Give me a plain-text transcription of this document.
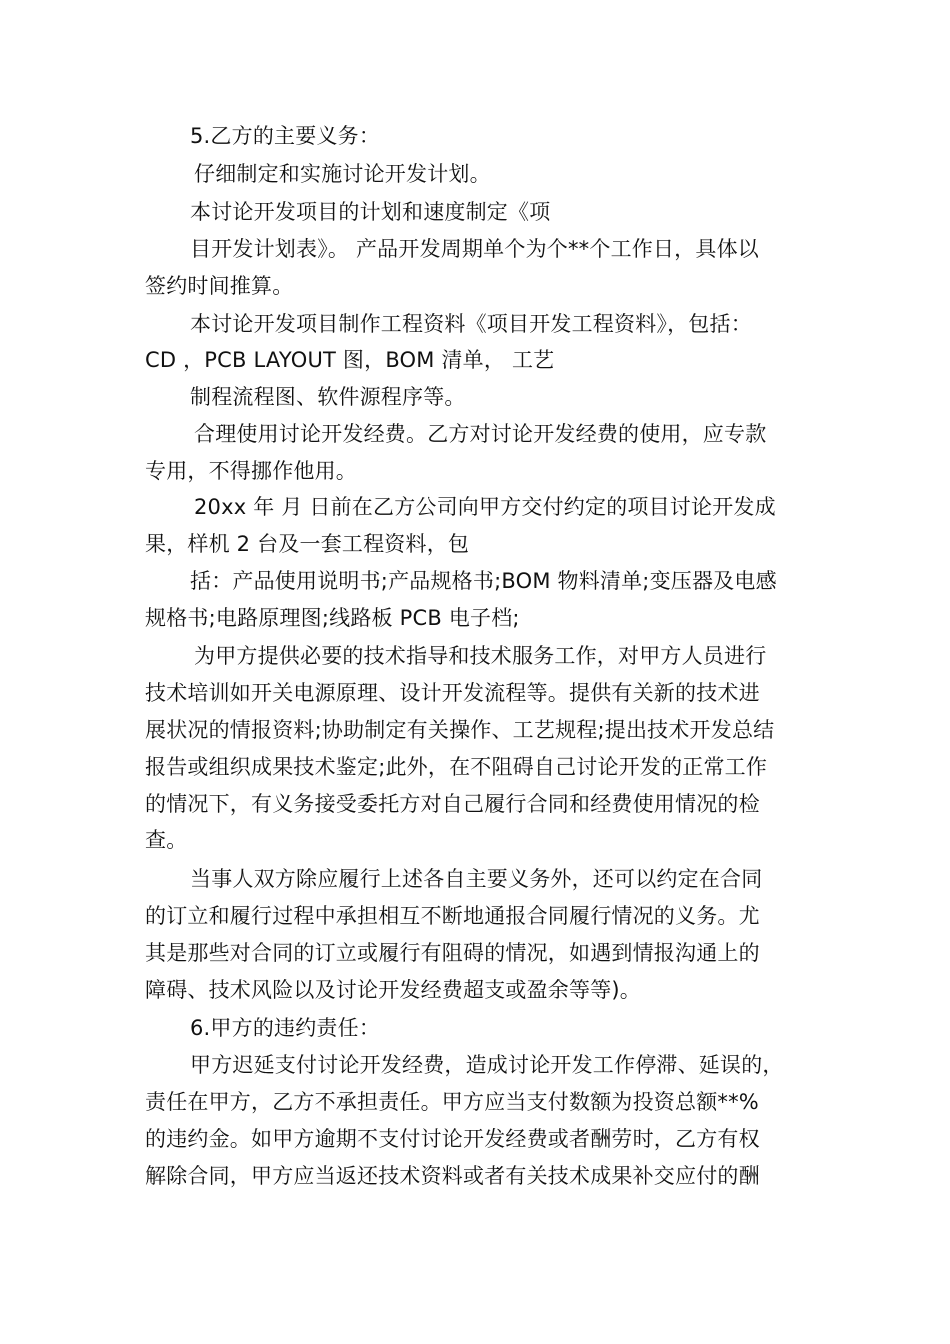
5.乙方的主要义务：
仔细制定和实施讨论开发计划。
本讨论开发项目的计划和速度制定《项
目开发计划表》。 产品开发周期单个为个**个工作日，具体以
签约时间推算。
本讨论开发项目制作工程资料《项目开发工程资料》，包括：
CD ，PCB LAYOUT 图，BOM 清单， 工艺
制程流程图、软件源程序等。
合理使用讨论开发经费。乙方对讨论开发经费的使用，应专款
专用，不得挪作他用。
20xx 年 月 日前在乙方公司向甲方交付约定的项目讨论开发成
果，样机 2 台及一套工程资料，包
括：产品使用说明书;产品规格书;BOM 物料清单;变压器及电感
规格书;电路原理图;线路板 PCB 电子档;
为甲方提供必要的技术指导和技术服务工作，对甲方人员进行
技术培训如开关电源原理、设计开发流程等。提供有关新的技术进
展状况的情报资料;协助制定有关操作、工艺规程;提出技术开发总结
报告或组织成果技术鉴定;此外，在不阻碍自己讨论开发的正常工作
的情况下，有义务接受委托方对自己履行合同和经费使用情况的检
查。
当事人双方除应履行上述各自主要义务外，还可以约定在合同
的订立和履行过程中承担相互不断地通报合同履行情况的义务。尤
其是那些对合同的订立或履行有阻碍的情况，如遇到情报沟通上的
障碍、技术风险以及讨论开发经费超支或盈余等等)。
6.甲方的违约责任：
甲方迟延支付讨论开发经费，造成讨论开发工作停滞、延误的，
责任在甲方，乙方不承担责任。甲方应当支付数额为投资总额**%
的违约金。如甲方逾期不支付讨论开发经费或者酬劳时，乙方有权
解除合同，甲方应当返还技术资料或者有关技术成果补交应付的酬
